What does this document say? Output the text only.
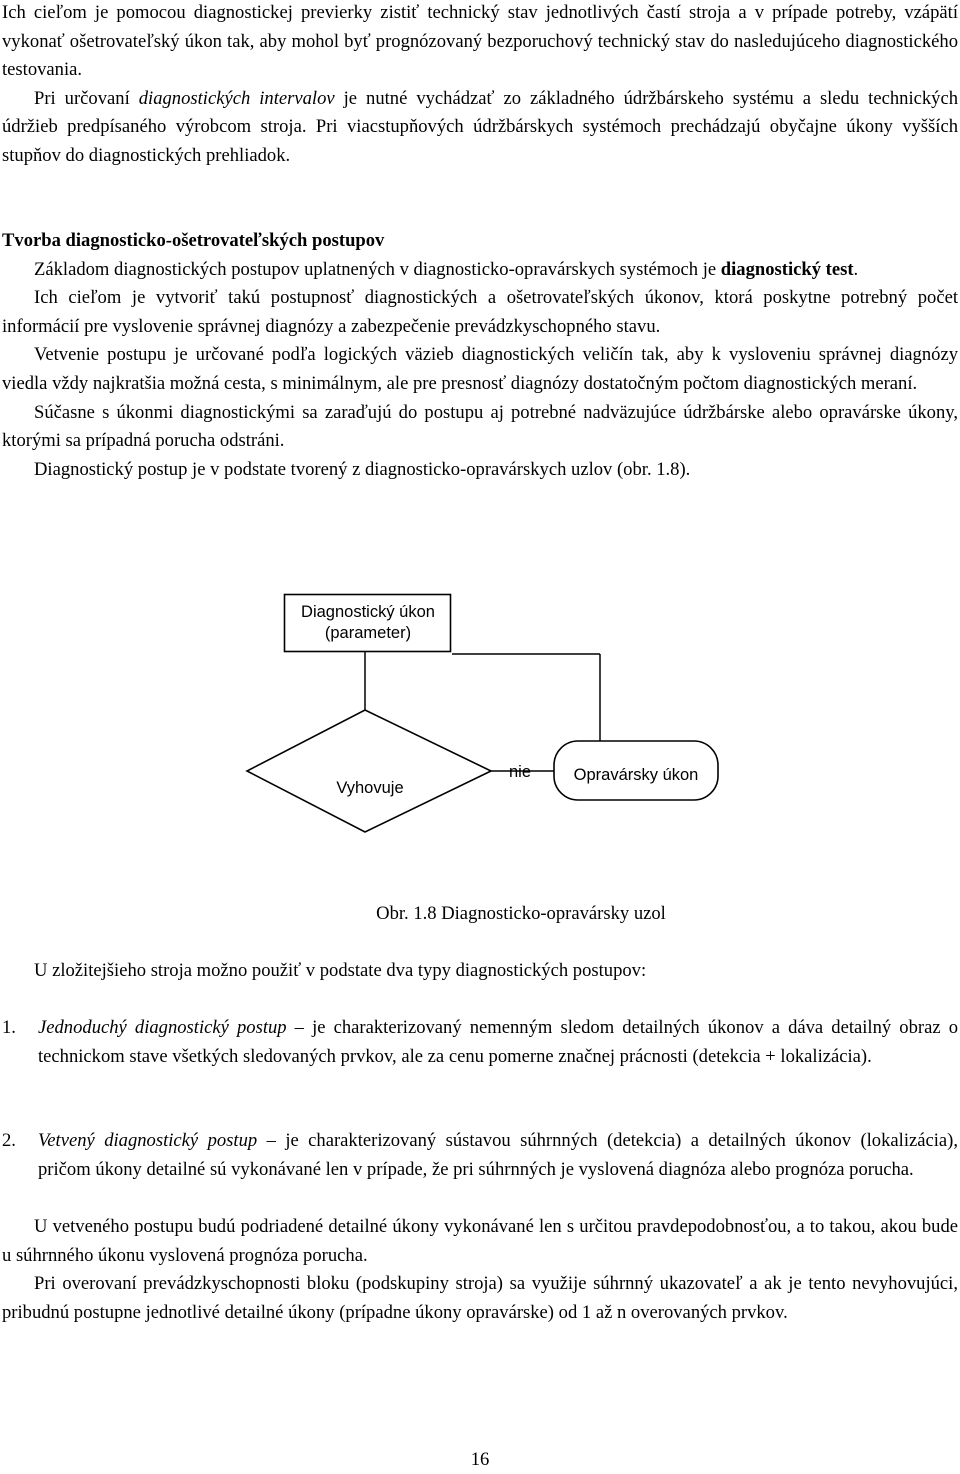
Ich cieľom je pomocou diagnostickej previerky zistiť technický stav jednotlivých častí stroja a v prípade potreby, vzápätí vykonať ošetrovateľský úkon tak, aby mohol byť prognózovaný bezporuchový technický stav do nasledujúceho diagnostického testovania.

Pri určovaní diagnostických intervalov je nutné vychádzať zo základného údržbárskeho systému a sledu technických údržieb predpísaného výrobcom stroja. Pri viacstupňových údržbárskych systémoch prechádzajú obyčajne úkony vyšších stupňov do diagnostických prehliadok.

Tvorba diagnosticko-ošetrovateľských postupov

Základom diagnostických postupov uplatnených v diagnosticko-opravárskych systémoch je diagnostický test.

Ich cieľom je vytvoriť takú postupnosť diagnostických a ošetrovateľských úkonov, ktorá poskytne potrebný počet informácií pre vyslovenie správnej diagnózy a zabezpečenie prevádzkyschopného stavu.

Vetvenie postupu je určované podľa logických väzieb diagnostických veličín tak, aby k vysloveniu správnej diagnózy viedla vždy najkratšia možná cesta, s minimálnym, ale pre presnosť diagnózy dostatočným počtom diagnostických meraní.

Súčasne s úkonmi diagnostickými sa zaraďujú do postupu aj potrebné nadväzujúce údržbárske alebo opravárske úkony, ktorými sa prípadná porucha odstráni.

Diagnostický postup je v podstate tvorený z diagnosticko-opravárskych uzlov (obr. 1.8).

Diagnostický úkon
(parameter)
Vyhovuje
nie	Opravársky úkon
Obr. 1.8 Diagnosticko-opravársky uzol

U zložitejšieho stroja možno použiť v podstate dva typy diagnostických postupov:

1. Jednoduchý diagnostický postup – je charakterizovaný nemenným sledom detailných úkonov a dáva detailný obraz o technickom stave všetkých sledovaných prvkov, ale za cenu pomerne značnej prácnosti (detekcia + lokalizácia).

2. Vetvený diagnostický postup – je charakterizovaný sústavou súhrnných (detekcia) a detailných úkonov (lokalizácia), pričom úkony detailné sú vykonávané len v prípade, že pri súhrnných je vyslovená diagnóza alebo prognóza porucha.

U vetveného postupu budú podriadené detailné úkony vykonávané len s určitou pravdepodobnosťou, a to takou, akou bude u súhrnného úkonu vyslovená prognóza porucha.

Pri overovaní prevádzkyschopnosti bloku (podskupiny stroja) sa využije súhrnný ukazovateľ a ak je tento nevyhovujúci, pribudnú postupne jednotlivé detailné úkony (prípadne úkony opravárske) od 1 až n overovaných prvkov.

16
